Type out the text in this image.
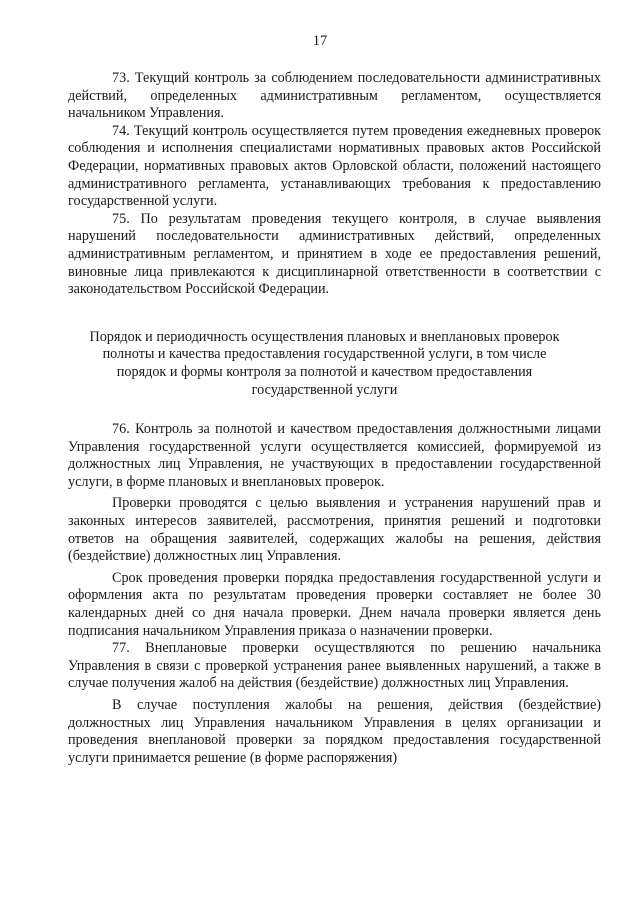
17

73. Текущий контроль за соблюдением последовательности административных действий, определенных административным регламентом, осуществляется начальником Управления.

74. Текущий контроль осуществляется путем проведения ежедневных проверок соблюдения и исполнения специалистами нормативных правовых актов Российской Федерации, нормативных правовых актов Орловской области, положений настоящего административного регламента, устанавливающих требования к предоставлению государственной услуги.

75. По результатам проведения текущего контроля, в случае выявления нарушений последовательности административных действий, определенных административным регламентом, и принятием в ходе ее предоставления решений, виновные лица привлекаются к дисциплинарной ответственности в соответствии с законодательством Российской Федерации.

Порядок и периодичность осуществления плановых и внеплановых проверок полноты и качества предоставления государственной услуги, в том числе порядок и формы контроля за полнотой и качеством предоставления государственной услуги

76. Контроль за полнотой и качеством предоставления должностными лицами Управления государственной услуги осуществляется комиссией, формируемой из должностных лиц Управления, не участвующих в предоставлении государственной услуги, в форме плановых и внеплановых проверок.

Проверки проводятся с целью выявления и устранения нарушений прав и законных интересов заявителей, рассмотрения, принятия решений и подготовки ответов на обращения заявителей, содержащих жалобы на решения, действия (бездействие) должностных лиц Управления.

Срок проведения проверки порядка предоставления государственной услуги и оформления акта по результатам проведения проверки составляет не более 30 календарных дней со дня начала проверки. Днем начала проверки является день подписания начальником Управления приказа о назначении проверки.

77. Внеплановые проверки осуществляются по решению начальника Управления в связи с проверкой устранения ранее выявленных нарушений, а также в случае получения жалоб на действия (бездействие) должностных лиц Управления.

В случае поступления жалобы на решения, действия (бездействие) должностных лиц Управления начальником Управления в целях организации и проведения внеплановой проверки за порядком предоставления государственной услуги принимается решение (в форме распоряжения)
